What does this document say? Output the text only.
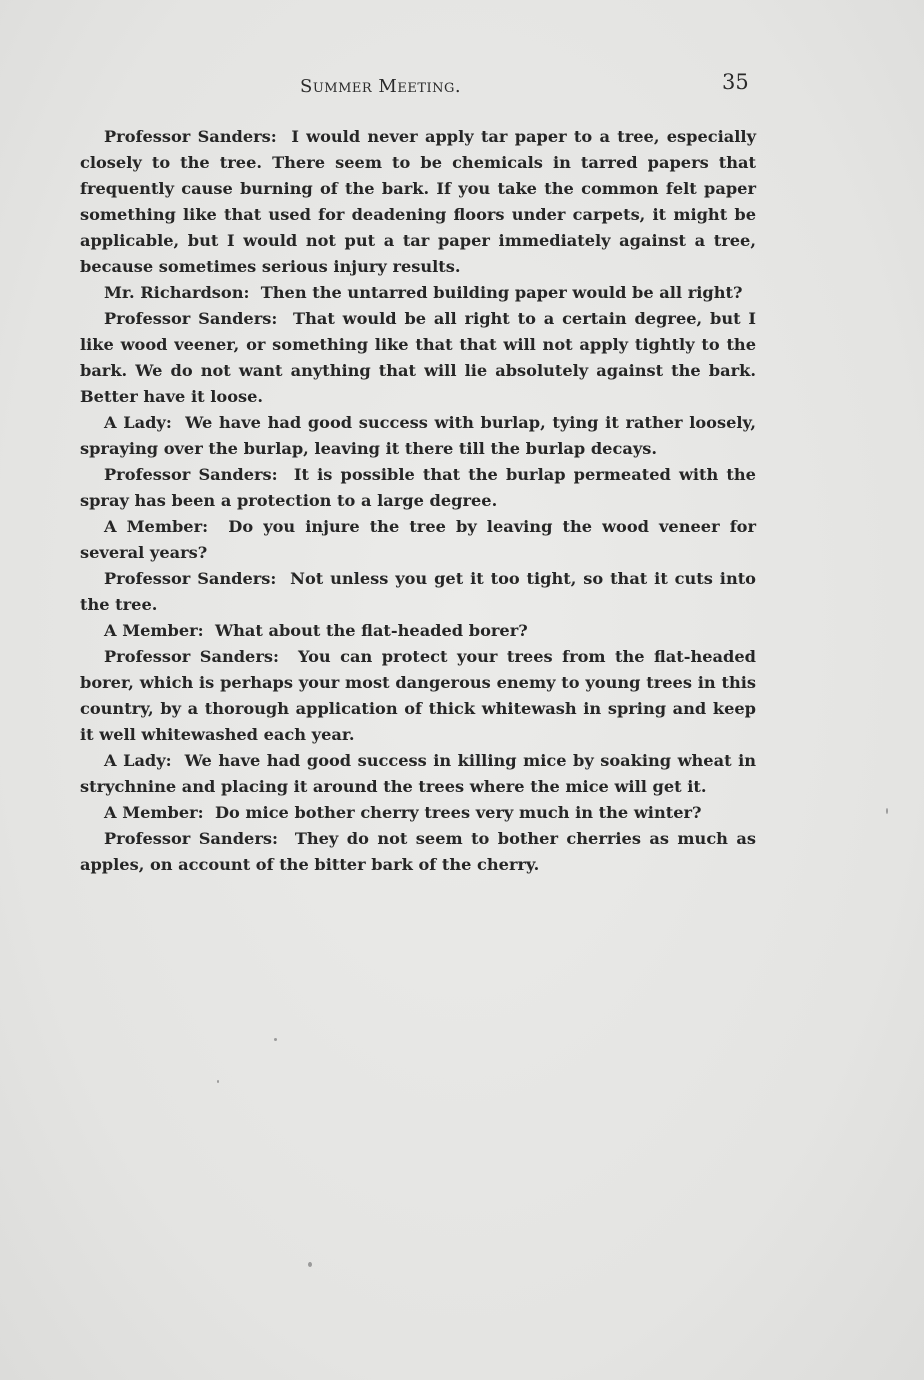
Summer Meeting.	35

Professor Sanders: I would never apply tar paper to a tree, especially closely to the tree. There seem to be chemicals in tarred papers that frequently cause burning of the bark. If you take the common felt paper something like that used for deadening floors under carpets, it might be applicable, but I would not put a tar paper immediately against a tree, because sometimes serious injury results.

Mr. Richardson: Then the untarred building paper would be all right?

Professor Sanders: That would be all right to a certain degree, but I like wood veener, or something like that that will not apply tightly to the bark. We do not want anything that will lie absolutely against the bark. Better have it loose.

A Lady: We have had good success with burlap, tying it rather loosely, spraying over the burlap, leaving it there till the burlap decays.

Professor Sanders: It is possible that the burlap permeated with the spray has been a protection to a large degree.

A Member: Do you injure the tree by leaving the wood veneer for several years?

Professor Sanders: Not unless you get it too tight, so that it cuts into the tree.

A Member: What about the flat-headed borer?

Professor Sanders: You can protect your trees from the flat-headed borer, which is perhaps your most dangerous enemy to young trees in this country, by a thorough application of thick whitewash in spring and keep it well whitewashed each year.

A Lady: We have had good success in killing mice by soaking wheat in strychnine and placing it around the trees where the mice will get it.

A Member: Do mice bother cherry trees very much in the winter?

Professor Sanders: They do not seem to bother cherries as much as apples, on account of the bitter bark of the cherry.
